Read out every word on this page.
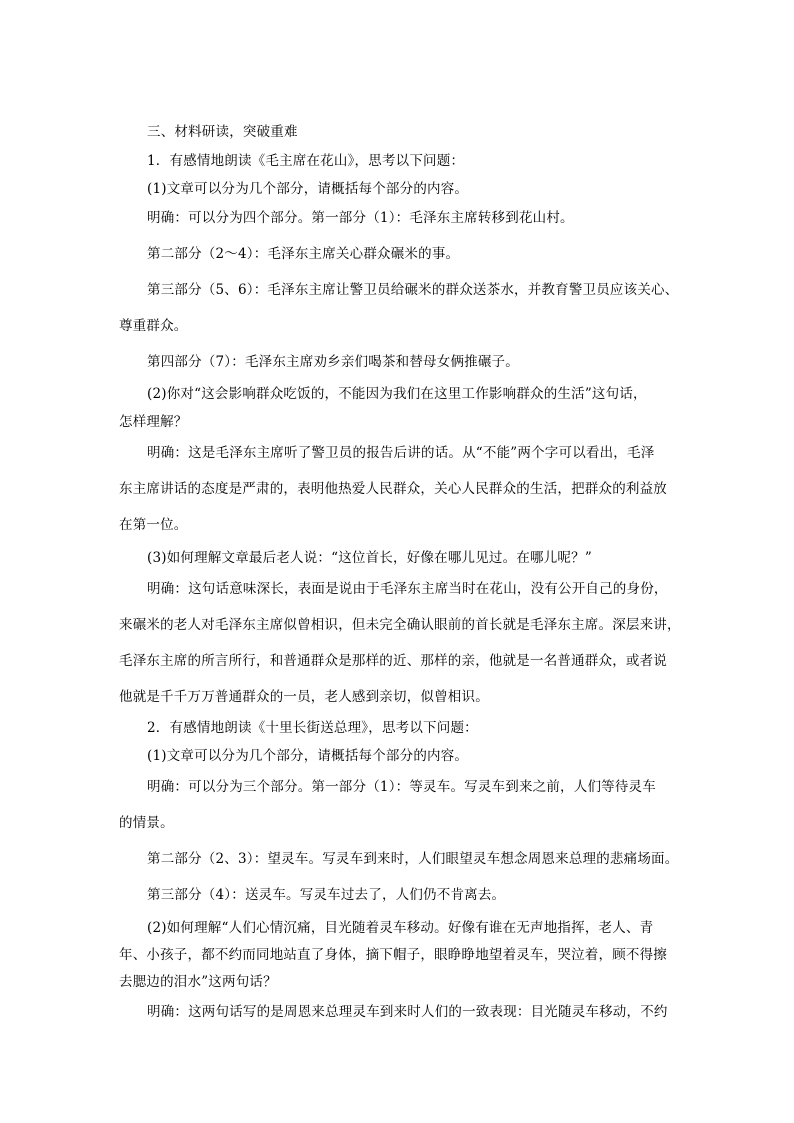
三、材料研读，突破重难
1．有感情地朗读《毛主席在花山》，思考以下问题：
(1)文章可以分为几个部分，请概括每个部分的内容。
明确：可以分为四个部分。第一部分（1）：毛泽东主席转移到花山村。
第二部分（2～4）：毛泽东主席关心群众碾米的事。
第三部分（5、6）：毛泽东主席让警卫员给碾米的群众送茶水，并教育警卫员应该关心、
尊重群众。
第四部分（7）：毛泽东主席劝乡亲们喝茶和替母女俩推碾子。
(2)你对“这会影响群众吃饭的，不能因为我们在这里工作影响群众的生活”这句话，
怎样理解？
明确：这是毛泽东主席听了警卫员的报告后讲的话。从“不能”两个字可以看出，毛泽
东主席讲话的态度是严肃的，表明他热爱人民群众，关心人民群众的生活，把群众的利益放
在第一位。
(3)如何理解文章最后老人说：“这位首长，好像在哪儿见过。在哪儿呢？”
明确：这句话意味深长，表面是说由于毛泽东主席当时在花山，没有公开自己的身份，
来碾米的老人对毛泽东主席似曾相识，但未完全确认眼前的首长就是毛泽东主席。深层来讲，
毛泽东主席的所言所行，和普通群众是那样的近、那样的亲，他就是一名普通群众，或者说
他就是千千万万普通群众的一员，老人感到亲切，似曾相识。
2．有感情地朗读《十里长街送总理》，思考以下问题：
(1)文章可以分为几个部分，请概括每个部分的内容。
明确：可以分为三个部分。第一部分（1）：等灵车。写灵车到来之前，人们等待灵车
的情景。
第二部分（2、3）：望灵车。写灵车到来时，人们眼望灵车想念周恩来总理的悲痛场面。
第三部分（4）：送灵车。写灵车过去了，人们仍不肯离去。
(2)如何理解“人们心情沉痛，目光随着灵车移动。好像有谁在无声地指挥，老人、青
年、小孩子，都不约而同地站直了身体，摘下帽子，眼睁睁地望着灵车，哭泣着，顾不得擦
去腮边的泪水”这两句话？
明确：这两句话写的是周恩来总理灵车到来时人们的一致表现：目光随灵车移动，不约
